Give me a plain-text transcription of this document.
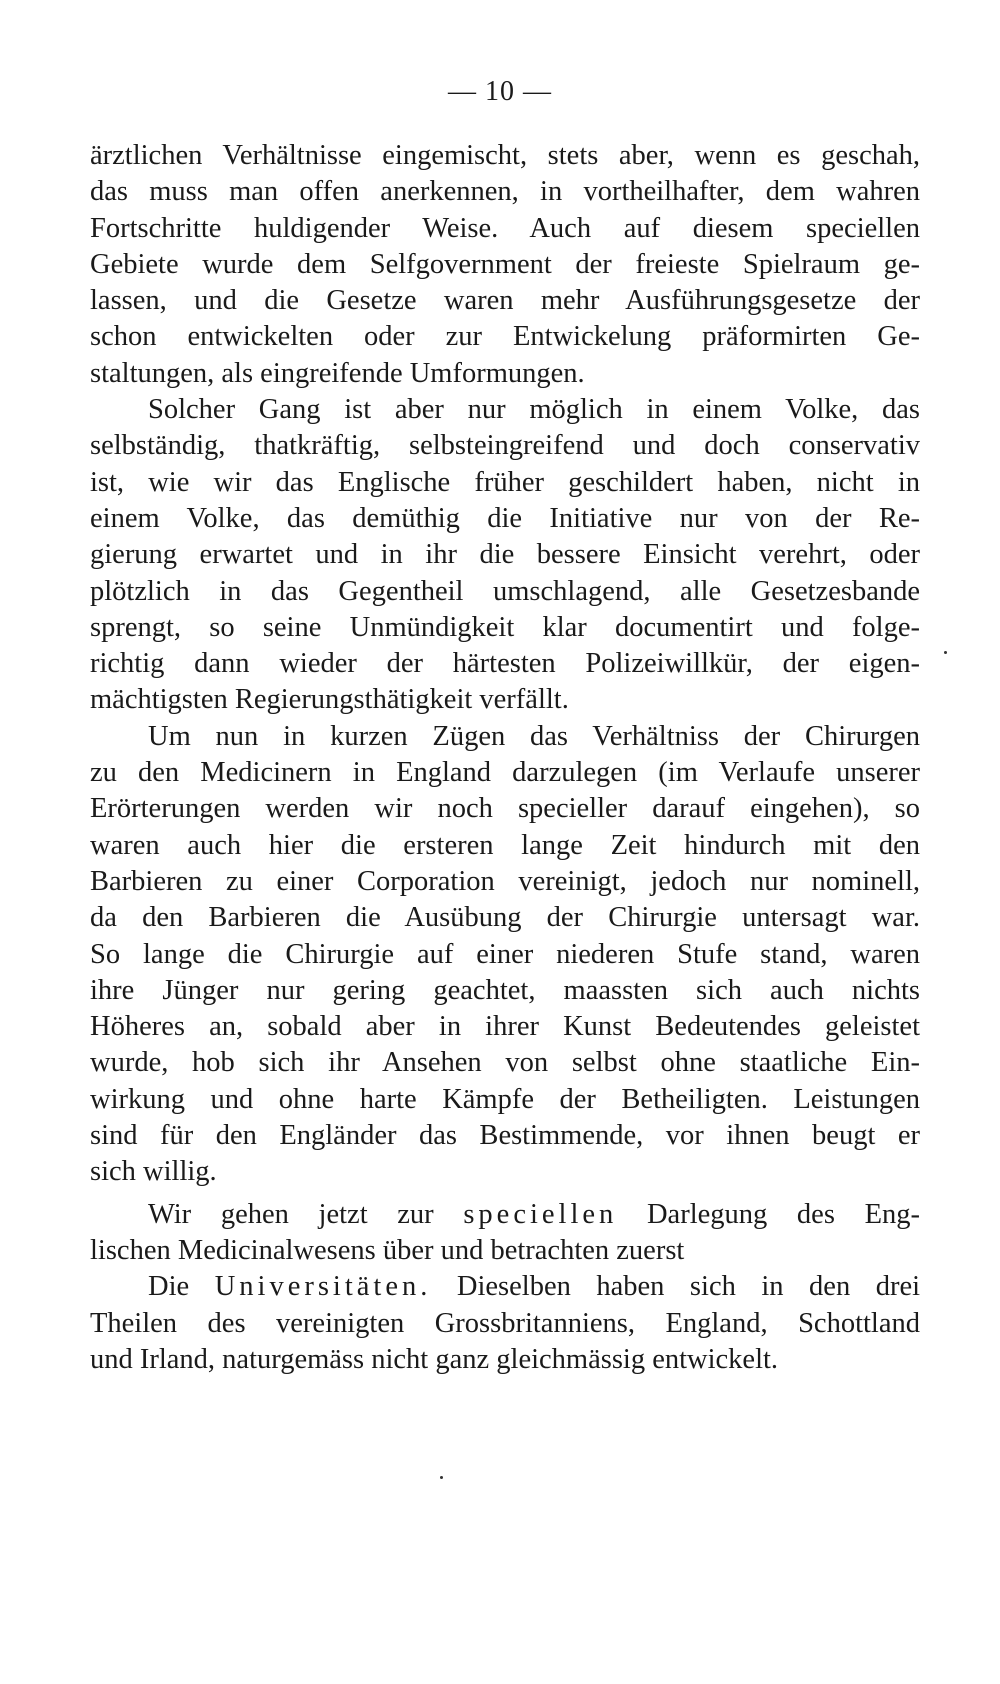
— 10 —
ärztlichen Verhältnisse eingemischt, stets aber, wenn es geschah,
das muss man offen anerkennen, in vortheilhafter, dem wahren
Fortschritte huldigender Weise. Auch auf diesem speciellen
Gebiete wurde dem Selfgovernment der freieste Spielraum ge-
lassen, und die Gesetze waren mehr Ausführungsgesetze der
schon entwickelten oder zur Entwickelung präformirten Ge-
staltungen, als eingreifende Umformungen.
Solcher Gang ist aber nur möglich in einem Volke, das
selbständig, thatkräftig, selbsteingreifend und doch conservativ
ist, wie wir das Englische früher geschildert haben, nicht in
einem Volke, das demüthig die Initiative nur von der Re-
gierung erwartet und in ihr die bessere Einsicht verehrt, oder
plötzlich in das Gegentheil umschlagend, alle Gesetzesbande
sprengt, so seine Unmündigkeit klar documentirt und folge-
richtig dann wieder der härtesten Polizeiwillkür, der eigen-
mächtigsten Regierungsthätigkeit verfällt.
Um nun in kurzen Zügen das Verhältniss der Chirurgen
zu den Medicinern in England darzulegen (im Verlaufe unserer
Erörterungen werden wir noch specieller darauf eingehen), so
waren auch hier die ersteren lange Zeit hindurch mit den
Barbieren zu einer Corporation vereinigt, jedoch nur nominell,
da den Barbieren die Ausübung der Chirurgie untersagt war.
So lange die Chirurgie auf einer niederen Stufe stand, waren
ihre Jünger nur gering geachtet, maassten sich auch nichts
Höheres an, sobald aber in ihrer Kunst Bedeutendes geleistet
wurde, hob sich ihr Ansehen von selbst ohne staatliche Ein-
wirkung und ohne harte Kämpfe der Betheiligten. Leistungen
sind für den Engländer das Bestimmende, vor ihnen beugt er
sich willig.
Wir gehen jetzt zur speciellen Darlegung des Eng-
lischen Medicinalwesens über und betrachten zuerst
Die Universitäten. Dieselben haben sich in den drei
Theilen des vereinigten Grossbritanniens, England, Schottland
und Irland, naturgemäss nicht ganz gleichmässig entwickelt.
